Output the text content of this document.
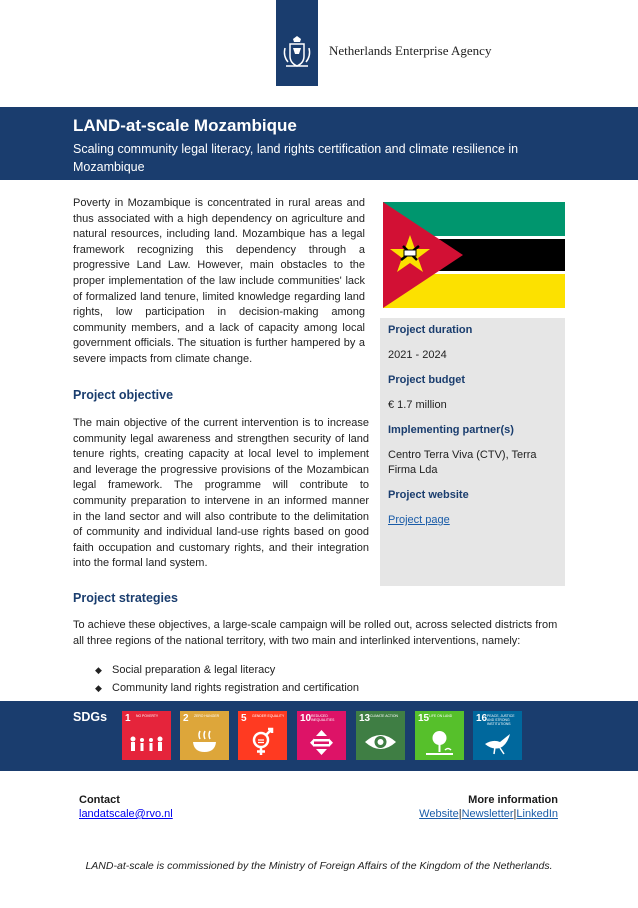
Netherlands Enterprise Agency
LAND-at-scale Mozambique
Scaling community legal literacy, land rights certification and climate resilience in Mozambique

Poverty in Mozambique is concentrated in rural areas and thus associated with a high dependency on agriculture and natural resources, including land. Mozambique has a legal framework recognizing this dependency through a progressive Land Law. However, main obstacles to the proper implementation of the law include communities' lack of formalized land tenure, limited knowledge regarding land rights, low participation in decision-making among community members, and a lack of capacity among local government officials. The situation is further hampered by a severe impacts from climate change.

Project objective

The main objective of the current intervention is to increase community legal awareness and strengthen security of land tenure rights, creating capacity at local level to implement and leverage the progressive provisions of the Mozambican legal framework. The programme will contribute to community preparation to intervene in an informed manner in the land sector and will also contribute to the delimitation of community and individual land-use rights based on good faith occupation and customary rights, and their integration into the formal land system.

Project strategies

To achieve these objectives, a large-scale campaign will be rolled out, across selected districts from all three regions of the national territory, with two main and interlinked interventions, namely:

◆ Social preparation & legal literacy
◆ Community land rights registration and certification
Project duration
2021 - 2024
Project budget
€ 1.7 million
Implementing partner(s)
Centro Terra Viva (CTV), Terra Firma Lda
Project website
Project page
SDGs 1 NO POVERTY	2 ZERO HUNGER	5 GENDER EQUALITY 10 REDUCED INEQUALITIES	13 CLIMATE ACTION	15 LIFE ON LAND	16 PEACE, JUSTICE AND STRONG INSTITUTIONS
Contact
landatscale@rvo.nl
More information
Website|Newsletter|LinkedIn
LAND-at-scale is commissioned by the Ministry of Foreign Affairs of the Kingdom of the Netherlands.
